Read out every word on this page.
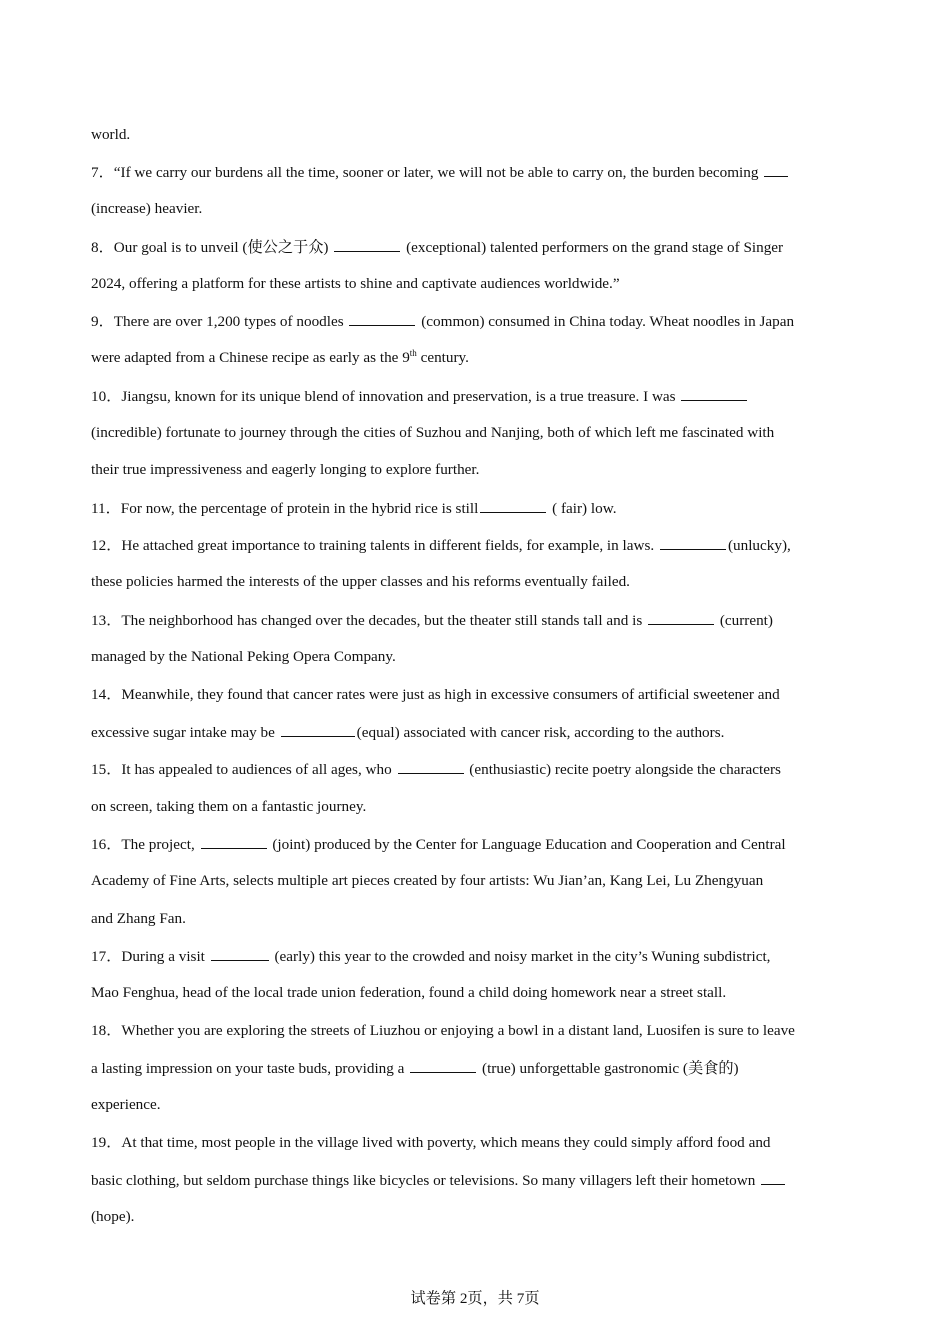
world.
7．“If we carry our burdens all the time, sooner or later, we will not be able to carry on, the burden becoming
(increase) heavier.
8．Our goal is to unveil (使公之于众)	(exceptional) talented performers on the grand stage of Singer
2024, offering a platform for these artists to shine and captivate audiences worldwide.”
9．There are over 1,200 types of noodles	(common) consumed in China today. Wheat noodles in Japan
were adapted from a Chinese recipe as early as the 9th century.
10．Jiangsu, known for its unique blend of innovation and preservation, is a true treasure. I was
(incredible) fortunate to journey through the cities of Suzhou and Nanjing, both of which left me fascinated with
their true impressiveness and eagerly longing to explore further.
11．For now, the percentage of protein in the hybrid rice is still	( fair) low.
12．He attached great importance to training talents in different fields, for example, in laws.	(unlucky),
these policies harmed the interests of the upper classes and his reforms eventually failed.
13．The neighborhood has changed over the decades, but the theater still stands tall and is	(current)
managed by the National Peking Opera Company.
14．Meanwhile, they found that cancer rates were just as high in excessive consumers of artificial sweetener and
excessive sugar intake may be	(equal) associated with cancer risk, according to the authors.
15．It has appealed to audiences of all ages, who	(enthusiastic) recite poetry alongside the characters
on screen, taking them on a fantastic journey.
16．The project,	(joint) produced by the Center for Language Education and Cooperation and Central
Academy of Fine Arts, selects multiple art pieces created by four artists: Wu Jian’an, Kang Lei, Lu Zhengyuan
and Zhang Fan.
17．During a visit	(early) this year to the crowded and noisy market in the city’s Wuning subdistrict,
Mao Fenghua, head of the local trade union federation, found a child doing homework near a street stall.
18．Whether you are exploring the streets of Liuzhou or enjoying a bowl in a distant land, Luosifen is sure to leave
a lasting impression on your taste buds, providing a	(true) unforgettable gastronomic (美食的)
experience.
19．At that time, most people in the village lived with poverty, which means they could simply afford food and
basic clothing, but seldom purchase things like bicycles or televisions. So many villagers left their hometown
(hope).
试卷第 2页，共 7页
